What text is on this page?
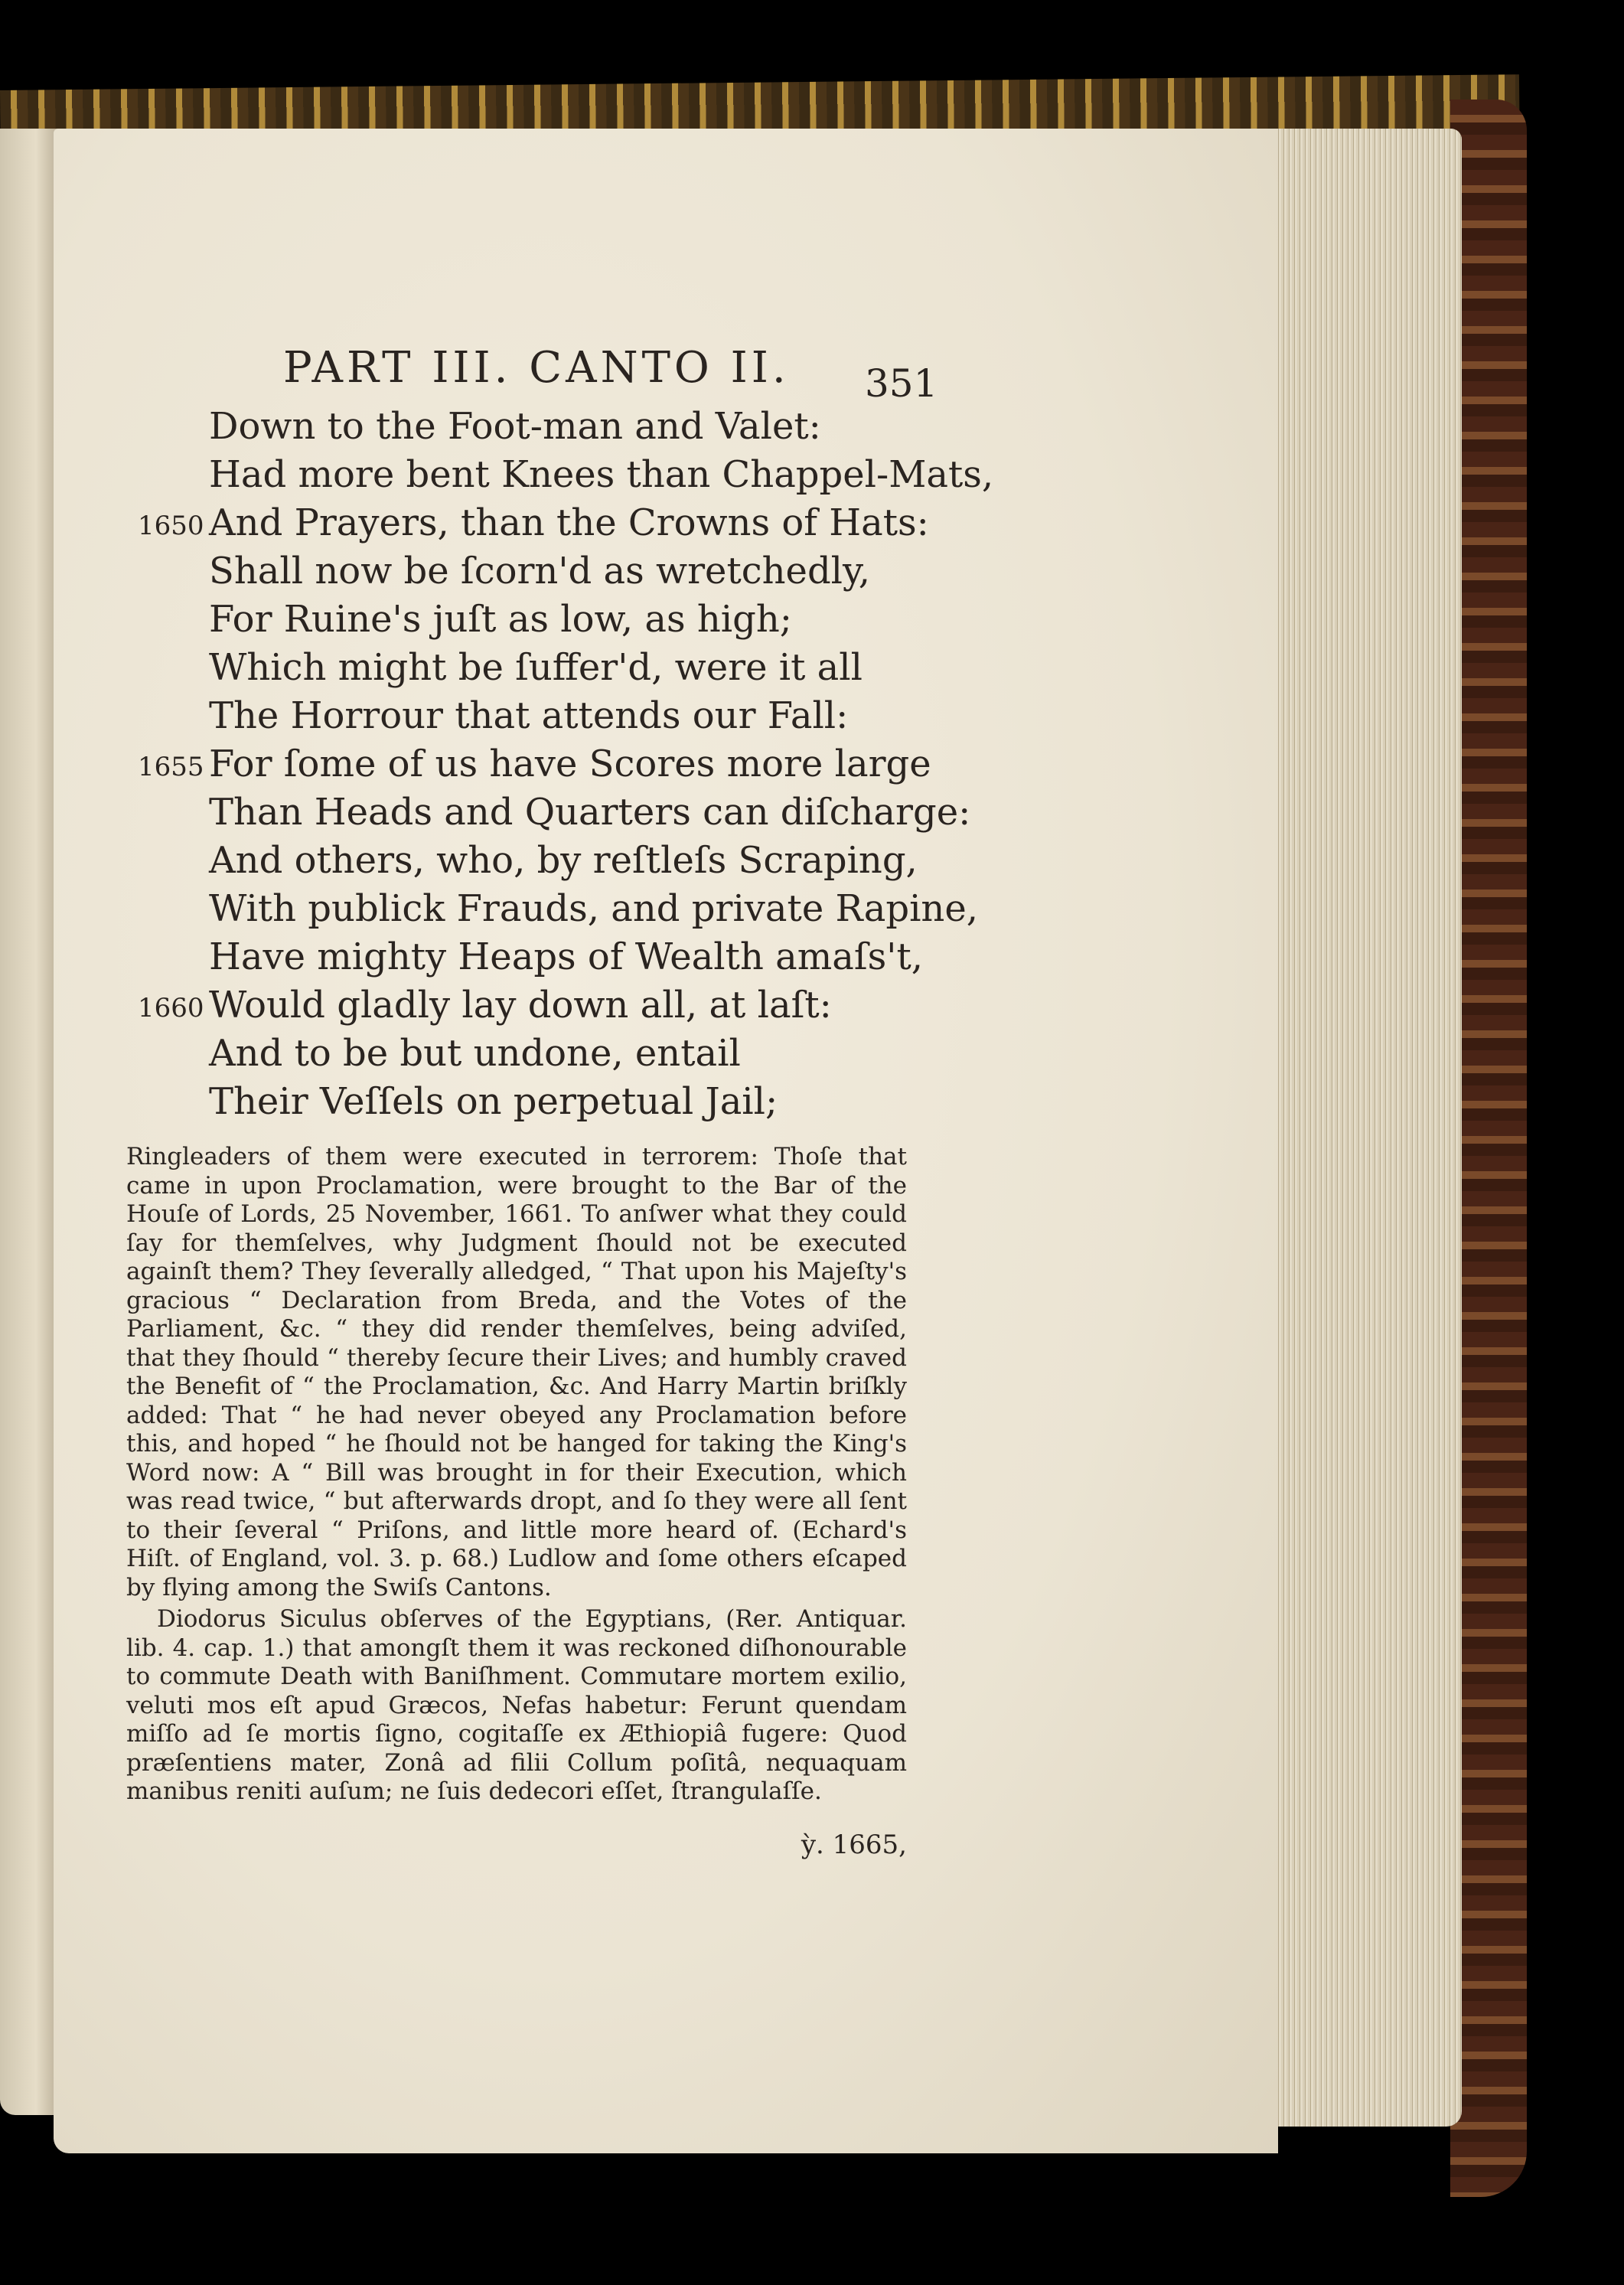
PART III. CANTO II. 351
Down to the Foot-man and Valet:
Had more bent Knees than Chappel-Mats,
1650 And Prayers, than the Crowns of Hats:
Shall now be ſcorn'd as wretchedly,
For Ruine's juſt as low, as high;
Which might be ſuffer'd, were it all
The Horrour that attends our Fall:
1655 For ſome of us have Scores more large
Than Heads and Quarters can diſcharge:
And others, who, by reſtleſs Scraping,
With publick Frauds, and private Rapine,
Have mighty Heaps of Wealth amaſs't,
1660 Would gladly lay down all, at laſt:
And to be but undone, entail
Their Veſſels on perpetual Jail;

Ringleaders of them were executed in terrorem: Thoſe that came in upon Proclamation, were brought to the Bar of the Houſe of Lords, 25 November, 1661. To anſwer what they could ſay for themſelves, why Judgment ſhould not be executed againſt them? They ſeverally alledged, “ That upon his Majeſty's gracious “ Declaration from Breda, and the Votes of the Parliament, &c. “ they did render themſelves, being adviſed, that they ſhould “ thereby ſecure their Lives; and humbly craved the Benefit of “ the Proclamation, &c. And Harry Martin briſkly added: That “ he had never obeyed any Proclamation before this, and hoped “ he ſhould not be hanged for taking the King's Word now: A “ Bill was brought in for their Execution, which was read twice, “ but afterwards dropt, and ſo they were all ſent to their ſeveral “ Priſons, and little more heard of. (Echard's Hiſt. of England, vol. 3. p. 68.) Ludlow and ſome others eſcaped by flying among the Swiſs Cantons.

Diodorus Siculus obſerves of the Egyptians, (Rer. Antiquar. lib. 4. cap. 1.) that amongſt them it was reckoned diſhonourable to commute Death with Baniſhment. Commutare mortem exilio, veluti mos eſt apud Græcos, Nefas habetur: Ferunt quendam miſſo ad ſe mortis ſigno, cogitaſſe ex Æthiopiâ fugere: Quod præſentiens mater, Zonâ ad filii Collum poſitâ, nequaquam manibus reniti auſum; ne ſuis dedecori eſſet, ſtrangulaſſe.

ỳ. 1665,
